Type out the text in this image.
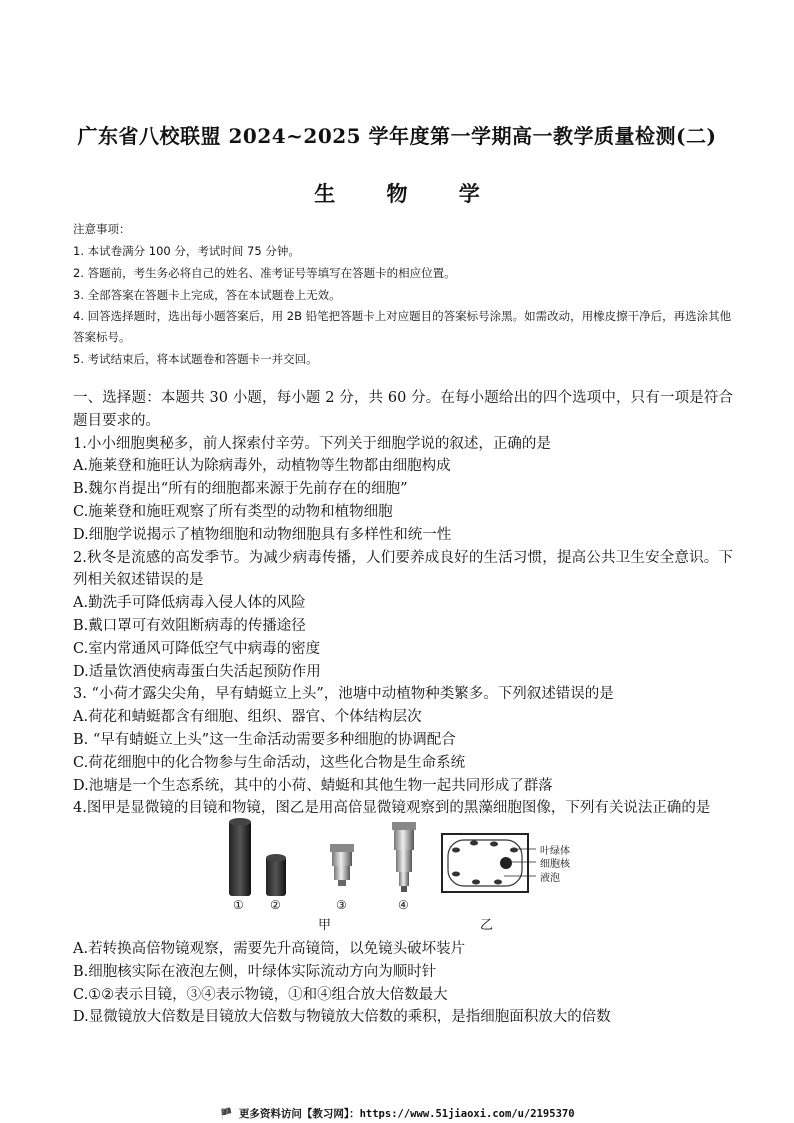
广东省八校联盟 2024~2025 学年度第一学期高一教学质量检测(二)
生 物 学
注意事项：
1. 本试卷满分 100 分，考试时间 75 分钟。
2. 答题前，考生务必将自己的姓名、准考证号等填写在答题卡的相应位置。
3. 全部答案在答题卡上完成，答在本试题卷上无效。
4. 回答选择题时，选出每小题答案后，用 2B 铅笔把答题卡上对应题目的答案标号涂黑。如需改动，用橡皮擦干净后，再选涂其他答案标号。
5. 考试结束后，将本试题卷和答题卡一并交回。
一、选择题：本题共 30 小题，每小题 2 分，共 60 分。在每小题给出的四个选项中，只有一项是符合题目要求的。
1.小小细胞奥秘多，前人探索付辛劳。下列关于细胞学说的叙述，正确的是
A.施莱登和施旺认为除病毒外，动植物等生物都由细胞构成
B.魏尔肖提出“所有的细胞都来源于先前存在的细胞”
C.施莱登和施旺观察了所有类型的动物和植物细胞
D.细胞学说揭示了植物细胞和动物细胞具有多样性和统一性
2.秋冬是流感的高发季节。为减少病毒传播，人们要养成良好的生活习惯，提高公共卫生安全意识。下列相关叙述错误的是
A.勤洗手可降低病毒入侵人体的风险
B.戴口罩可有效阻断病毒的传播途径
C.室内常通风可降低空气中病毒的密度
D.适量饮酒使病毒蛋白失活起预防作用
3. “小荷才露尖尖角，早有蜻蜓立上头”，池塘中动植物种类繁多。下列叙述错误的是
A.荷花和蜻蜓都含有细胞、组织、器官、个体结构层次
B. “早有蜻蜓立上头”这一生命活动需要多种细胞的协调配合
C.荷花细胞中的化合物参与生命活动，这些化合物是生命系统
D.池塘是一个生态系统，其中的小荷、蜻蜓和其他生物一起共同形成了群落
4.图甲是显微镜的目镜和物镜，图乙是用高倍显微镜观察到的黑藻细胞图像，下列有关说法正确的是
叶绿体
细胞核
液泡
① ②	③	④
甲	乙
A.若转换高倍物镜观察，需要先升高镜筒，以免镜头破坏装片
B.细胞核实际在液泡左侧，叶绿体实际流动方向为顺时针
C.①②表示目镜，③④表示物镜，①和④组合放大倍数最大
D.显微镜放大倍数是目镜放大倍数与物镜放大倍数的乘积，是指细胞面积放大的倍数
🏴 更多资料访问【教习网】：https://www.51jiaoxi.com/u/2195370
